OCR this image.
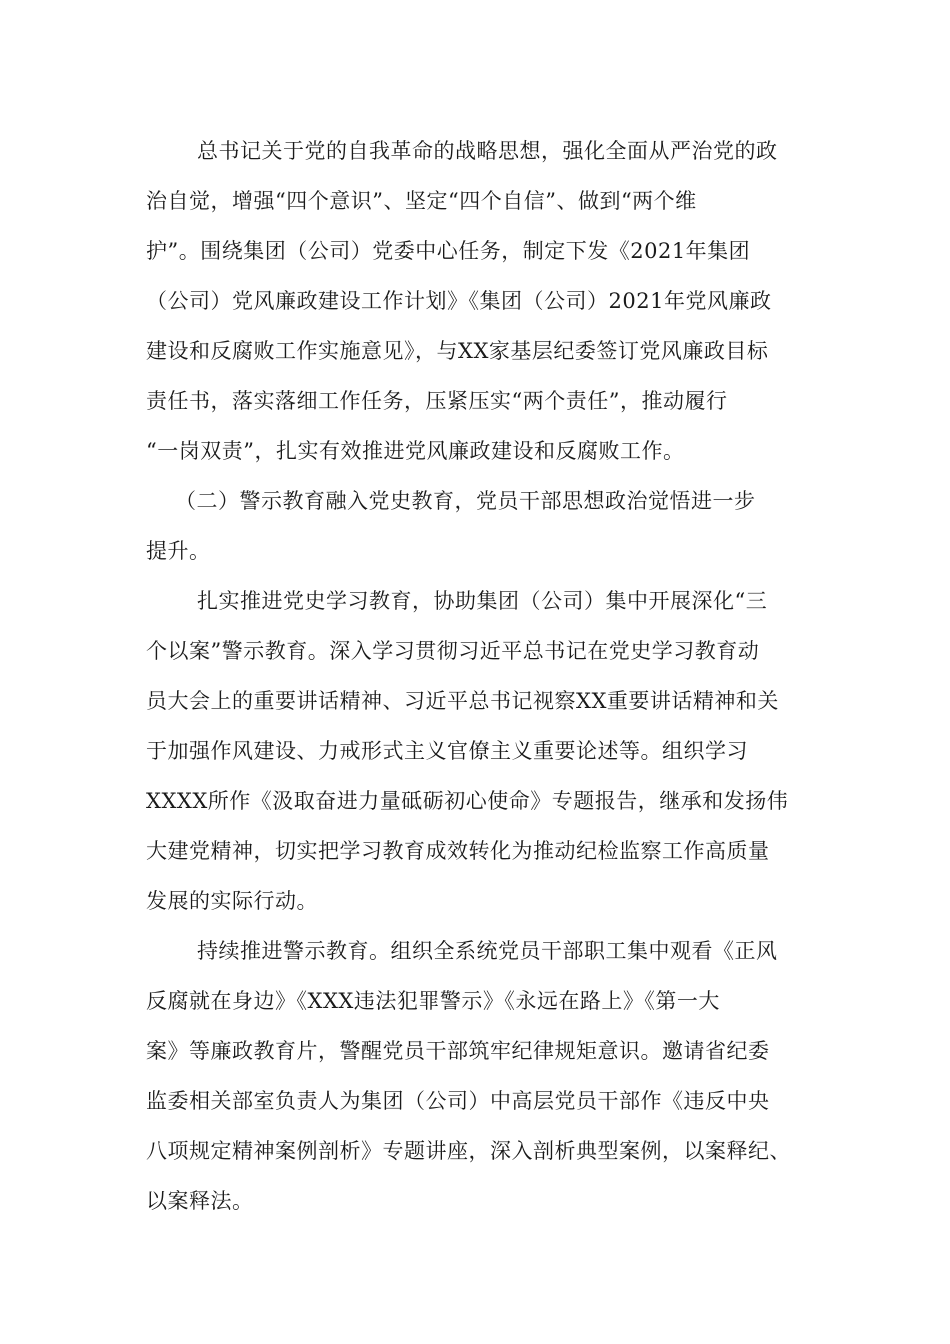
总书记关于党的自我革命的战略思想，强化全面从严治党的政
治自觉，增强“四个意识”、坚定“四个自信”、做到“两个维
护”。围绕集团（公司）党委中心任务，制定下发《2021年集团
（公司）党风廉政建设工作计划》《集团（公司）2021年党风廉政
建设和反腐败工作实施意见》，与XX家基层纪委签订党风廉政目标
责任书，落实落细工作任务，压紧压实“两个责任”，推动履行
“一岗双责”，扎实有效推进党风廉政建设和反腐败工作。
（二）警示教育融入党史教育，党员干部思想政治觉悟进一步
提升。
扎实推进党史学习教育，协助集团（公司）集中开展深化“三
个以案”警示教育。深入学习贯彻习近平总书记在党史学习教育动
员大会上的重要讲话精神、习近平总书记视察XX重要讲话精神和关
于加强作风建设、力戒形式主义官僚主义重要论述等。组织学习
XXXX所作《汲取奋进力量砥砺初心使命》专题报告，继承和发扬伟
大建党精神，切实把学习教育成效转化为推动纪检监察工作高质量
发展的实际行动。
持续推进警示教育。组织全系统党员干部职工集中观看《正风
反腐就在身边》《XXX违法犯罪警示》《永远在路上》《第一大
案》等廉政教育片，警醒党员干部筑牢纪律规矩意识。邀请省纪委
监委相关部室负责人为集团（公司）中高层党员干部作《违反中央
八项规定精神案例剖析》专题讲座，深入剖析典型案例，以案释纪、
以案释法。
